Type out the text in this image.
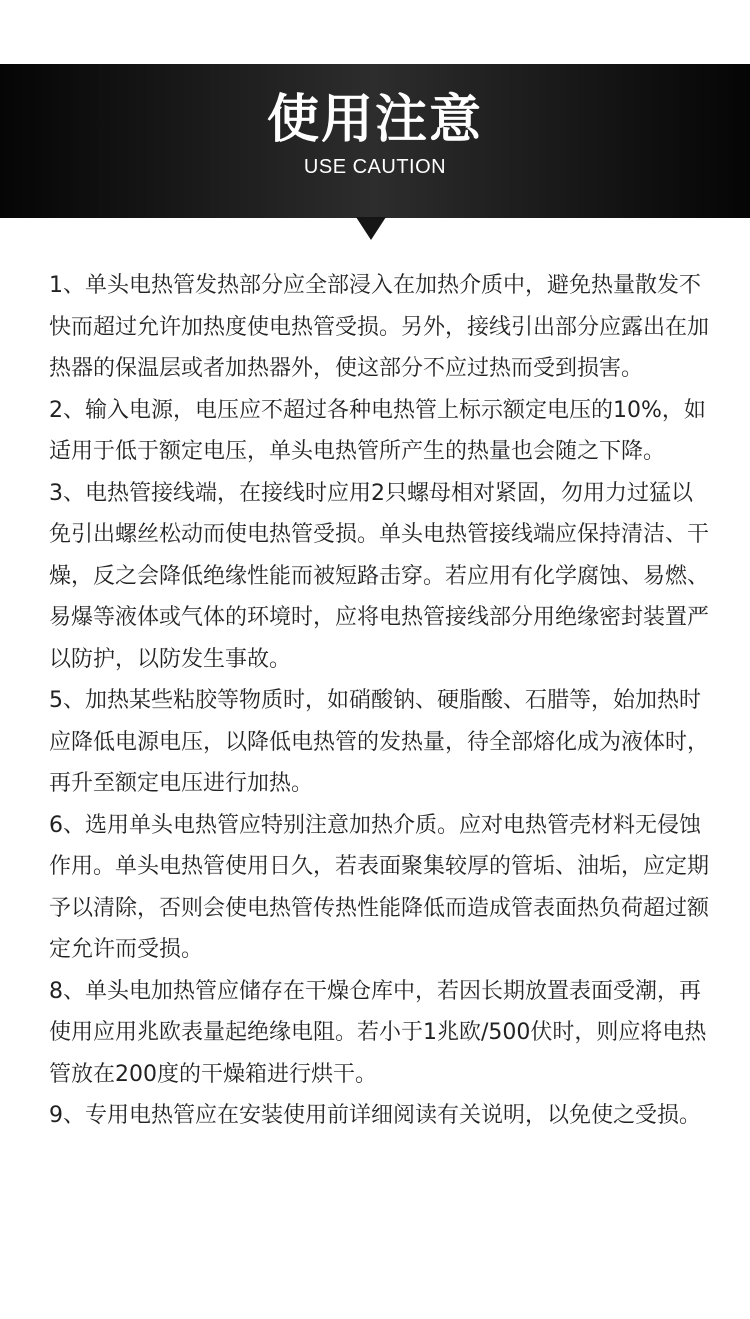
使用注意
USE CAUTION

1、单头电热管发热部分应全部浸入在加热介质中，避免热量散发不快而超过允许加热度使电热管受损。另外，接线引出部分应露出在加热器的保温层或者加热器外，使这部分不应过热而受到损害。

2、输入电源，电压应不超过各种电热管上标示额定电压的10%，如适用于低于额定电压，单头电热管所产生的热量也会随之下降。

3、电热管接线端，在接线时应用2只螺母相对紧固，勿用力过猛以免引出螺丝松动而使电热管受损。单头电热管接线端应保持清洁、干燥，反之会降低绝缘性能而被短路击穿。若应用有化学腐蚀、易燃、易爆等液体或气体的环境时，应将电热管接线部分用绝缘密封装置严以防护，以防发生事故。

5、加热某些粘胶等物质时，如硝酸钠、硬脂酸、石腊等，始加热时应降低电源电压，以降低电热管的发热量，待全部熔化成为液体时，再升至额定电压进行加热。

6、选用单头电热管应特别注意加热介质。应对电热管壳材料无侵蚀作用。单头电热管使用日久，若表面聚集较厚的管垢、油垢，应定期予以清除，否则会使电热管传热性能降低而造成管表面热负荷超过额定允许而受损。

8、单头电加热管应储存在干燥仓库中，若因长期放置表面受潮，再使用应用兆欧表量起绝缘电阻。若小于1兆欧/500伏时，则应将电热管放在200度的干燥箱进行烘干。

9、专用电热管应在安装使用前详细阅读有关说明，以免使之受损。
